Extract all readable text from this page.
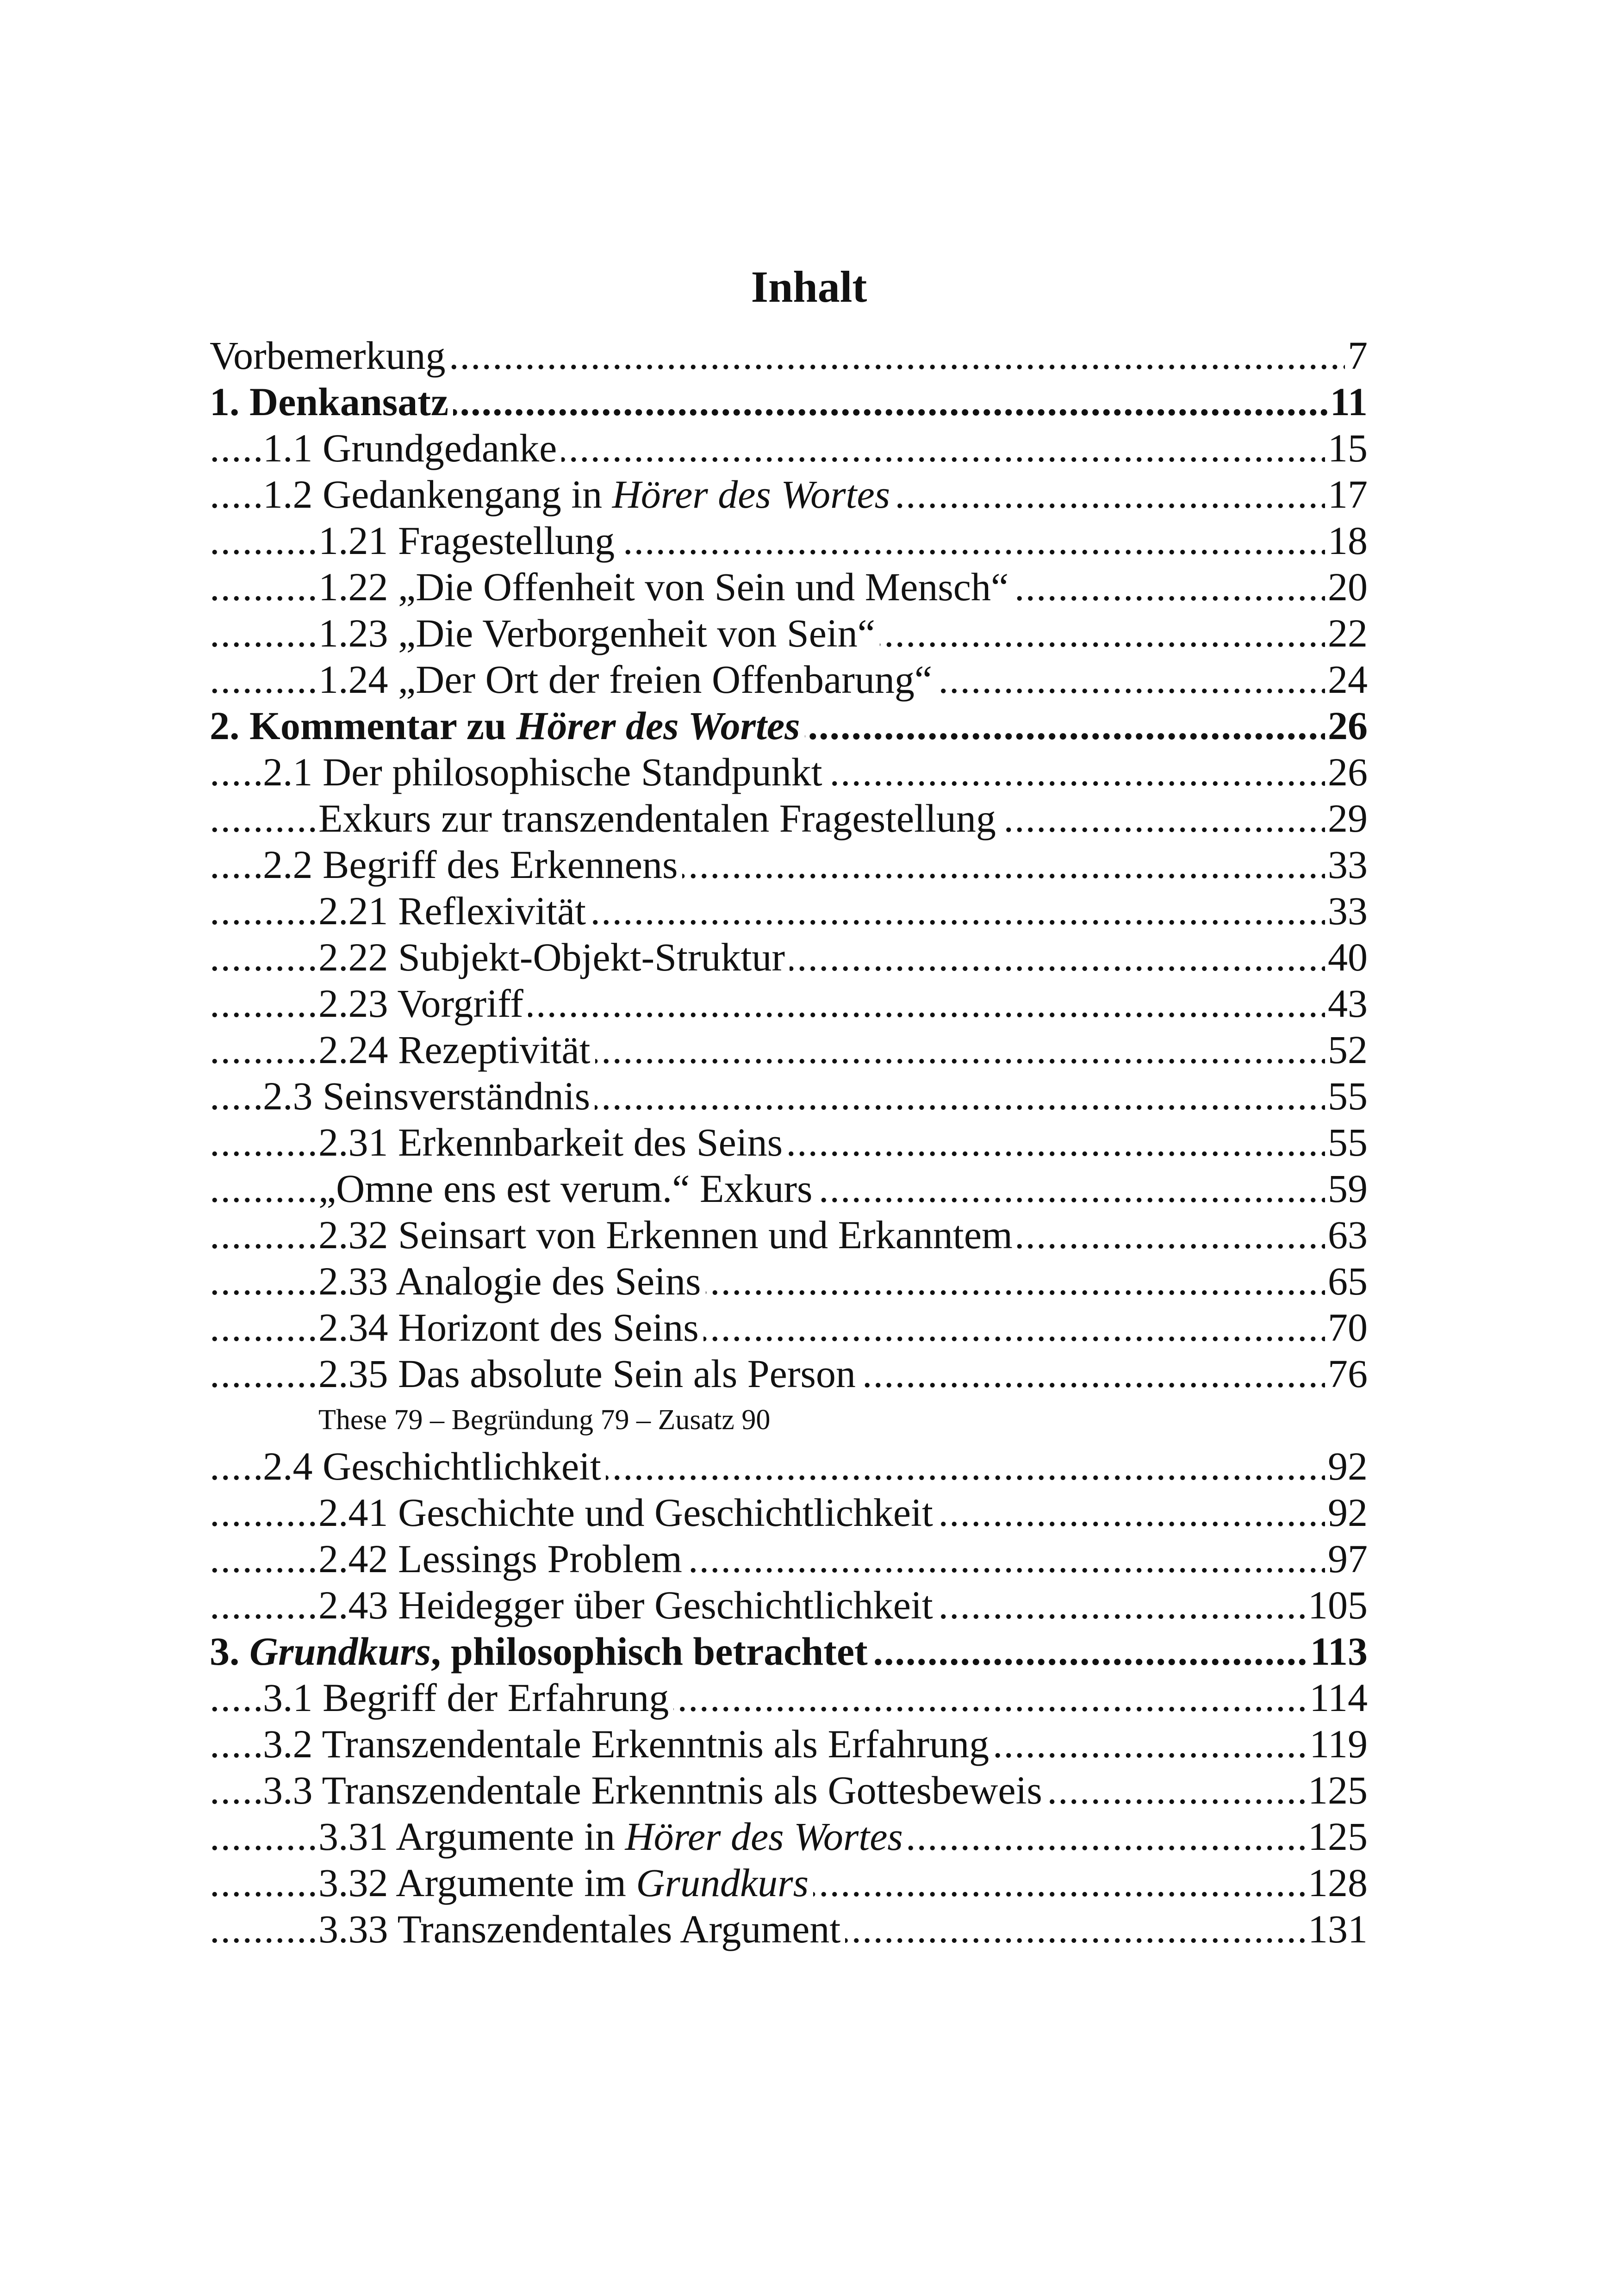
Inhalt
.....
Vorbemerkung	7
.....
1. Denkansatz	11
.....
1.1 Grundgedanke	15
.....
1.2 Gedankengang in Hörer des Wortes	17
.....
1.21 Fragestellung	18
.....
1.22 „Die Offenheit von Sein und Mensch“	20
.....
1.23 „Die Verborgenheit von Sein“	22
.....
1.24 „Der Ort der freien Offenbarung“	24
.....
2. Kommentar zu Hörer des Wortes	26
.....
2.1 Der philosophische Standpunkt	26
.....
Exkurs zur transzendentalen Fragestellung	29
.....
2.2 Begriff des Erkennens	33
.....
2.21 Reflexivität	33
.....
2.22 Subjekt-Objekt-Struktur	40
.....
2.23 Vorgriff	43
.....
2.24 Rezeptivität	52
.....
2.3 Seinsverständnis	55
.....
2.31 Erkennbarkeit des Seins	55
.....
„Omne ens est verum.“ Exkurs	59
.....
2.32 Seinsart von Erkennen und Erkanntem	63
.....
2.33 Analogie des Seins	65
.....
2.34 Horizont des Seins	70
.....
2.35 Das absolute Sein als Person	76
These 79 – Begründung 79 – Zusatz 90
.....
2.4 Geschichtlichkeit	92
.....
2.41 Geschichte und Geschichtlichkeit	92
.....
2.42 Lessings Problem	97
.....
2.43 Heidegger über Geschichtlichkeit	105
.....
3. Grundkurs, philosophisch betrachtet	113
.....
3.1 Begriff der Erfahrung	114
.....
3.2 Transzendentale Erkenntnis als Erfahrung	119
.....
3.3 Transzendentale Erkenntnis als Gottesbeweis	125
.....
3.31 Argumente in Hörer des Wortes	125
.....
3.32 Argumente im Grundkurs	128
.....
3.33 Transzendentales Argument	131
